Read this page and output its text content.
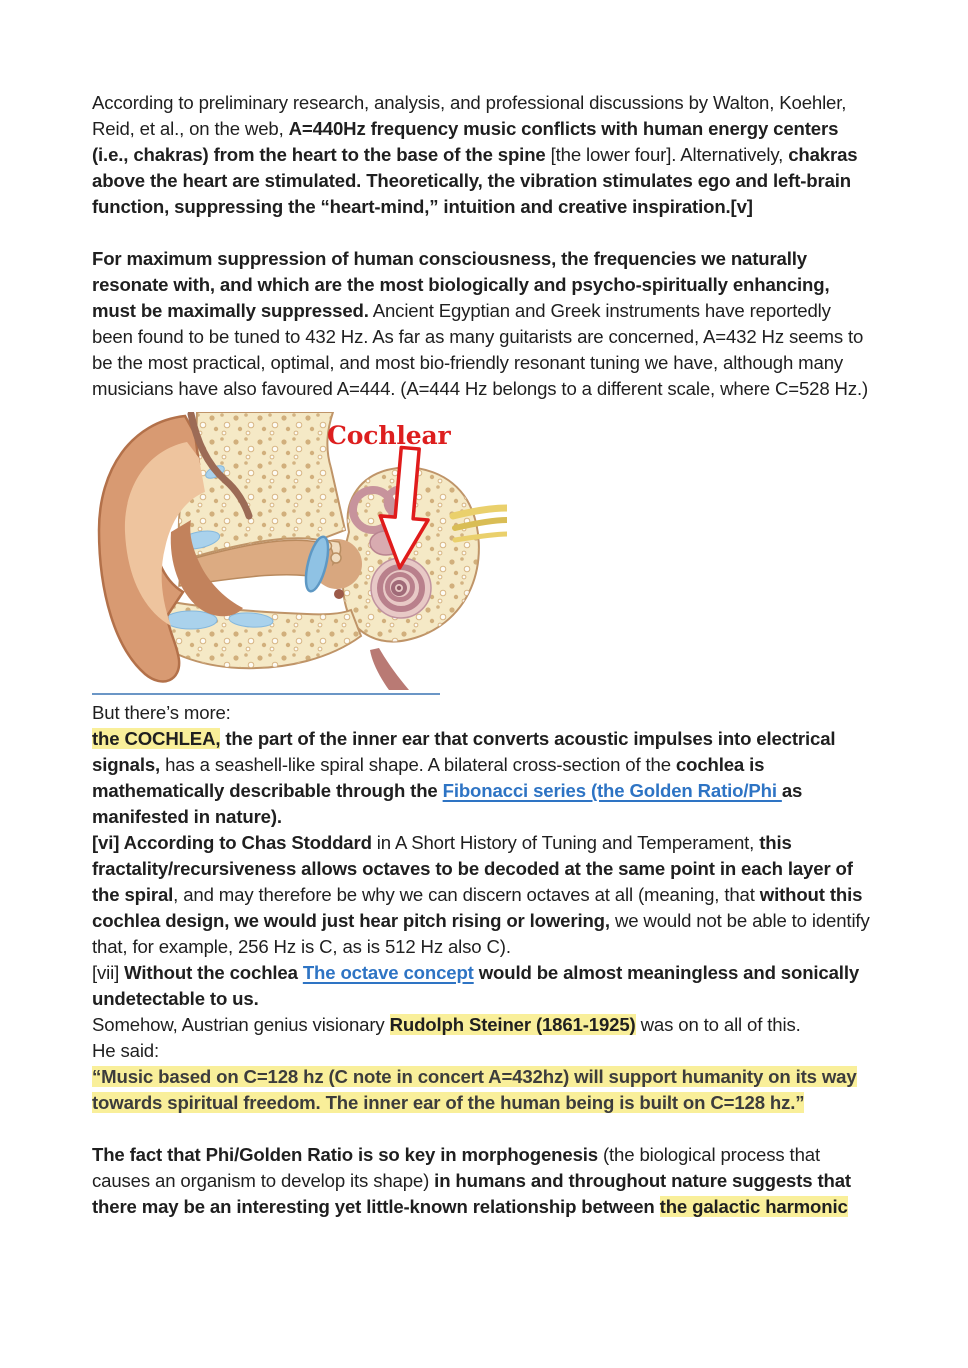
According to preliminary research, analysis, and professional discussions by Walton, Koehler, Reid, et al., on the web, A=440Hz frequency music conflicts with human energy centers (i.e., chakras) from the heart to the base of the spine [the lower four]. Alternatively, chakras above the heart are stimulated. Theoretically, the vibration stimulates ego and left-brain function, suppressing the “heart-mind,” intuition and creative inspiration.[v]

For maximum suppression of human consciousness, the frequencies we naturally resonate with, and which are the most biologically and psycho-spiritually enhancing, must be maximally suppressed. Ancient Egyptian and Greek instruments have reportedly been found to be tuned to 432 Hz. As far as many guitarists are concerned, A=432 Hz seems to be the most practical, optimal, and most bio-friendly resonant tuning we have, although many musicians have also favoured A=444. (A=444 Hz belongs to a different scale, where C=528 Hz.)

Cochlear

But there’s more:

the COCHLEA, the part of the inner ear that converts acoustic impulses into electrical signals, has a seashell-like spiral shape. A bilateral cross-section of the cochlea is mathematically describable through the Fibonacci series (the Golden Ratio/Phi as manifested in nature).

[vi] According to Chas Stoddard in A Short History of Tuning and Temperament, this fractality/recursiveness allows octaves to be decoded at the same point in each layer of the spiral, and may therefore be why we can discern octaves at all (meaning, that without this cochlea design, we would just hear pitch rising or lowering, we would not be able to identify that, for example, 256 Hz is C, as is 512 Hz also C).

[vii] Without the cochlea The octave concept would be almost meaningless and sonically undetectable to us.

Somehow, Austrian genius visionary Rudolph Steiner (1861-1925) was on to all of this.

He said:

“Music based on C=128 hz (C note in concert A=432hz) will support humanity on its way towards spiritual freedom. The inner ear of the human being is built on C=128 hz.”

The fact that Phi/Golden Ratio is so key in morphogenesis (the biological process that causes an organism to develop its shape) in humans and throughout nature suggests that there may be an interesting yet little-known relationship between the galactic harmonic
